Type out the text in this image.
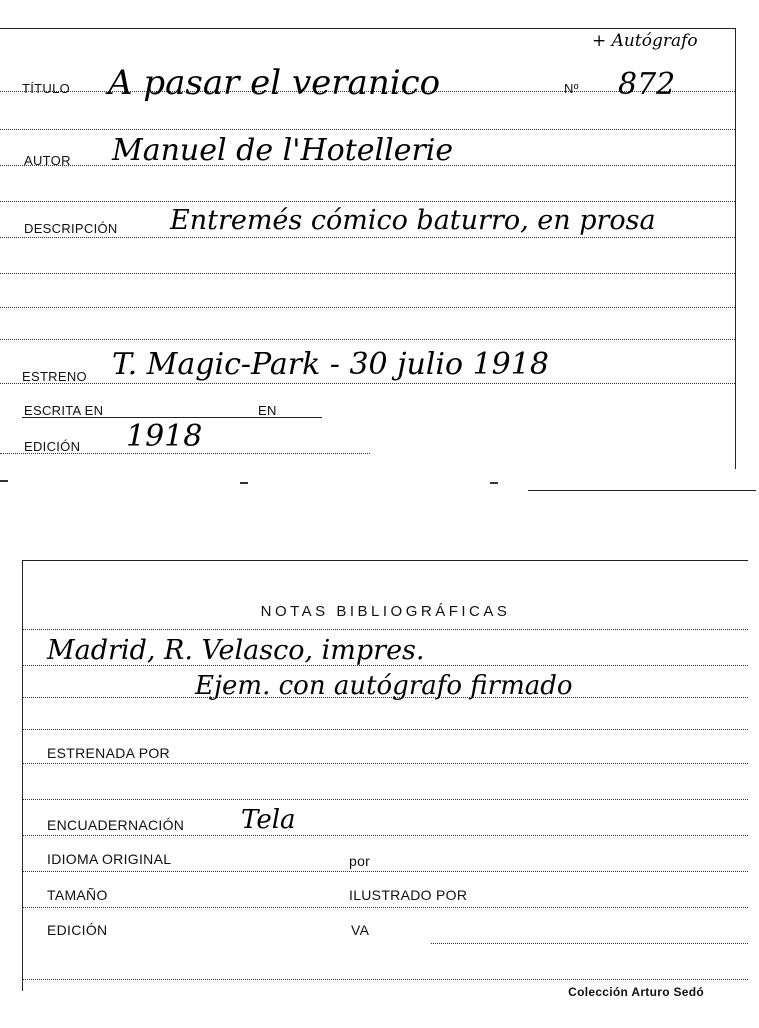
TÍTULO A pasar el veranico	Nº 872
+ Autógrafo
AUTOR Manuel de l'Hotellerie
DESCRIPCIÓN Entremés cómico baturro, en prosa
ESTRENO T. Magic-Park - 30 julio 1918
ESCRITA EN	EN
EDICIÓN 1918
NOTAS BIBLIOGRÁFICAS
Madrid, R. Velasco, impres.
Ejem. con autógrafo firmado
ESTRENADA POR
ENCUADERNACIÓN Tela
IDIOMA ORIGINAL	por
TAMAÑO	ILUSTRADO POR
EDICIÓN	VA
Colección Arturo Sedó
